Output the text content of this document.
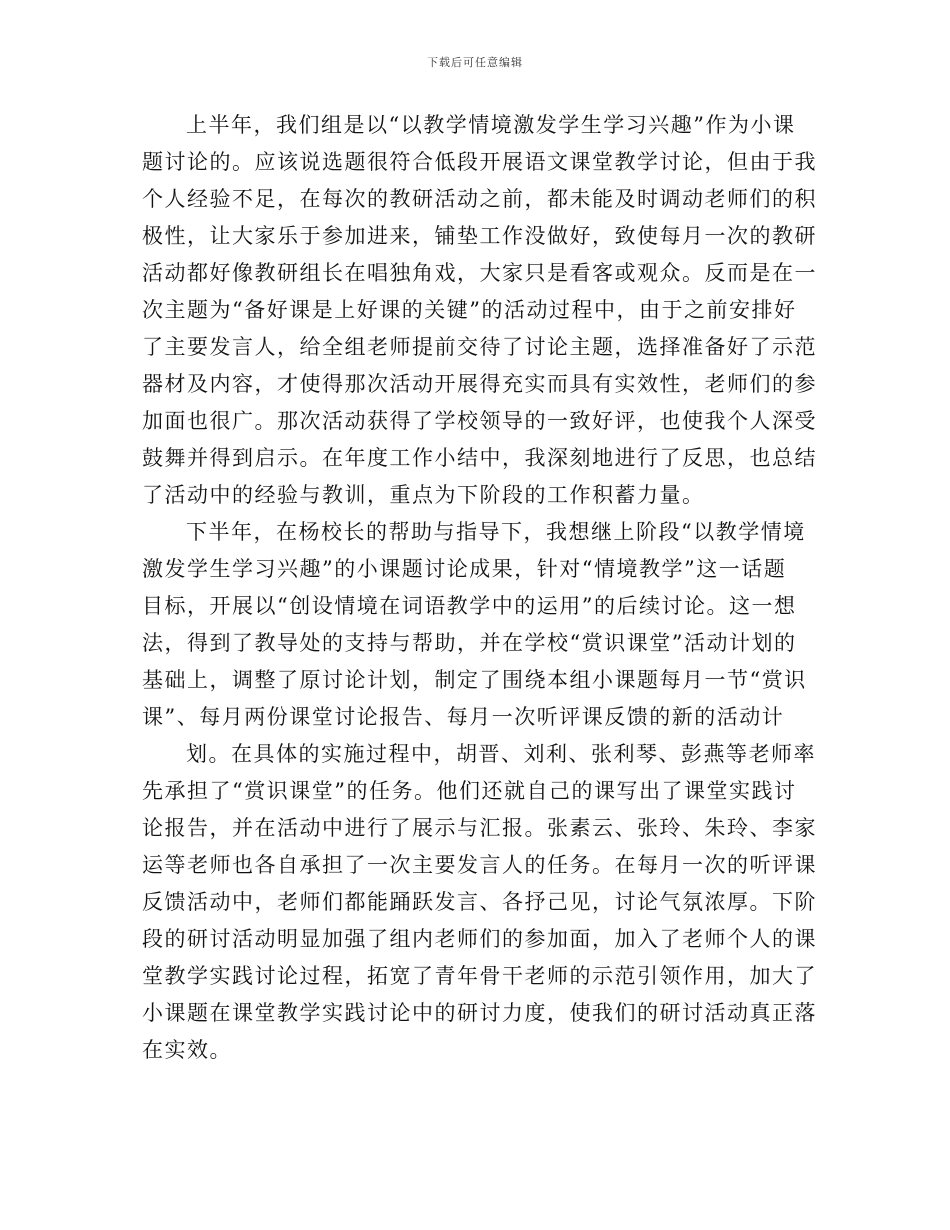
下载后可任意编辑
上半年，我们组是以“以教学情境激发学生学习兴趣”作为小课
题讨论的。应该说选题很符合低段开展语文课堂教学讨论，但由于我
个人经验不足，在每次的教研活动之前，都未能及时调动老师们的积
极性，让大家乐于参加进来，铺垫工作没做好，致使每月一次的教研
活动都好像教研组长在唱独角戏，大家只是看客或观众。反而是在一
次主题为“备好课是上好课的关键”的活动过程中，由于之前安排好
了主要发言人，给全组老师提前交待了讨论主题，选择准备好了示范
器材及内容，才使得那次活动开展得充实而具有实效性，老师们的参
加面也很广。那次活动获得了学校领导的一致好评，也使我个人深受
鼓舞并得到启示。在年度工作小结中，我深刻地进行了反思，也总结
了活动中的经验与教训，重点为下阶段的工作积蓄力量。
下半年，在杨校长的帮助与指导下，我想继上阶段“以教学情境
激发学生学习兴趣”的小课题讨论成果，针对“情境教学”这一话题
目标，开展以“创设情境在词语教学中的运用”的后续讨论。这一想
法，得到了教导处的支持与帮助，并在学校“赏识课堂”活动计划的
基础上，调整了原讨论计划，制定了围绕本组小课题每月一节“赏识
课”、每月两份课堂讨论报告、每月一次听评课反馈的新的活动计
划。在具体的实施过程中，胡晋、刘利、张利琴、彭燕等老师率
先承担了“赏识课堂”的任务。他们还就自己的课写出了课堂实践讨
论报告，并在活动中进行了展示与汇报。张素云、张玲、朱玲、李家
运等老师也各自承担了一次主要发言人的任务。在每月一次的听评课
反馈活动中，老师们都能踊跃发言、各抒己见，讨论气氛浓厚。下阶
段的研讨活动明显加强了组内老师们的参加面，加入了老师个人的课
堂教学实践讨论过程，拓宽了青年骨干老师的示范引领作用，加大了
小课题在课堂教学实践讨论中的研讨力度，使我们的研讨活动真正落
在实效。
